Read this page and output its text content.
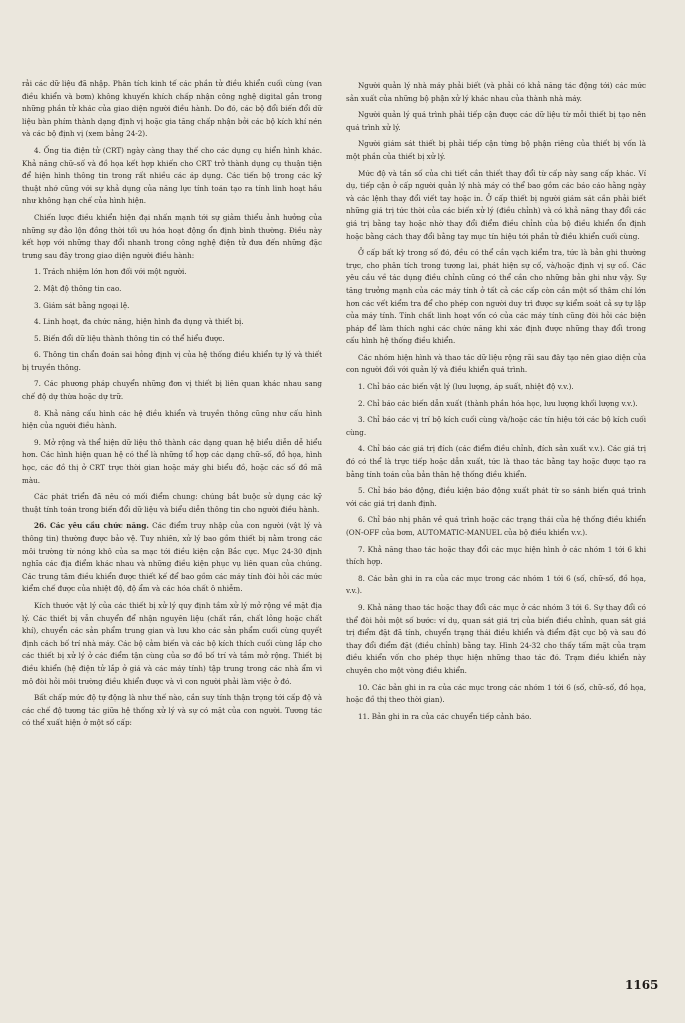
rải các dữ liệu đã nhập. Phân tích kinh tế các phần tử điều khiển cuối cùng (van điều khiển và bơm) không khuyến khích chấp nhận công nghệ digital gắn trong những phần tử khác của giao diện người điều hành. Do đó, các bộ đổi biến đổi dữ liệu bàn phím thành dạng định vị hoặc gia tăng chấp nhận bởi các bộ kích khí nén và các bộ định vị (xem bảng 24-2).

4. Ống tia điện tử (CRT) ngày càng thay thế cho các dụng cụ hiển hình khác. Khả năng chữ–số và đồ họa kết hợp khiến cho CRT trở thành dụng cụ thuận tiện để hiện hình thông tin trong rất nhiều các áp dụng. Các tiến bộ trong các kỹ thuật nhớ cũng với sự khả dụng của năng lực tính toán tạo ra tính linh hoạt hầu như không hạn chế của hình hiện.

Chiến lược điều khiển hiện đại nhấn mạnh tới sự giảm thiểu ảnh hưởng của những sự đảo lộn đồng thời tối ưu hóa hoạt động ổn định bình thường. Điều này kết hợp với những thay đổi nhanh trong công nghệ điện tử đưa đến những đặc trưng sau đây trong giao diện người điều hành:

1. Trách nhiệm lớn hơn đối với một người.

2. Mật độ thông tin cao.

3. Giám sát bằng ngoại lệ.

4. Linh hoạt, đa chức năng, hiện hình đa dụng và thiết bị.

5. Biến đổi dữ liệu thành thông tin có thể hiểu được.

6. Thông tin chẩn đoán sai hỏng định vị của hệ thống điều khiển tự lý và thiết bị truyền thông.

7. Các phương pháp chuyển những đơn vị thiết bị liên quan khác nhau sang chế độ dự thừa hoặc dự trữ.

8. Khả năng cấu hình các hệ điều khiển và truyền thông cũng như cấu hình hiện của người điều hành.

9. Mở rộng và thể hiện dữ liệu thô thành các dạng quan hệ biểu diễn dễ hiểu hơn. Các hình hiện quan hệ có thể là những tổ hợp các dạng chữ–số, đồ họa, hình học, các đồ thị ở CRT trực thời gian hoặc máy ghi biểu đồ, hoặc các số đồ mã màu.

Các phát triển đã nêu có mối điểm chung: chúng bắt buộc sử dụng các kỹ thuật tính toán trong biến đổi dữ liệu và biểu diễn thông tin cho người điều hành.

26. Các yêu cầu chức năng. Các điểm truy nhập của con người (vật lý và thông tin) thường được bảo vệ. Tuy nhiên, xử lý bao gồm thiết bị nằm trong các môi trường từ nóng khô của sa mạc tới điều kiện cận Bắc cực. Mục 24-30 định nghĩa các địa điểm khác nhau và những điều kiện phục vụ liên quan của chúng. Các trung tâm điều khiển được thiết kế để bao gồm các máy tính đòi hỏi các mức kiểm chế được của nhiệt độ, độ ẩm và các hóa chất ô nhiễm.

Kích thước vật lý của các thiết bị xử lý quy định tầm xử lý mở rộng về mặt địa lý. Các thiết bị vẫn chuyển để nhận nguyên liệu (chất rắn, chất lỏng hoặc chất khí), chuyển các sản phẩm trung gian và lưu kho các sản phẩm cuối cùng quyết định cách bố trí nhà máy. Các bộ cảm biến và các bộ kích thích cuối cùng lắp cho các thiết bị xử lý ở các điểm tận cùng của sơ đồ bố trí và tầm mở rộng. Thiết bị điều khiển (hệ điện tử lắp ở giá và các máy tính) tập trung trong các nhà ẩm vi mô đòi hỏi môi trường điều khiển được và vì con người phải làm việc ở đó.

Bất chấp mức độ tự động là như thế nào, cần suy tính thận trọng tới cấp độ và các chế độ tương tác giữa hệ thống xử lý và sự có mặt của con người. Tương tác có thể xuất hiện ở một số cấp:

Người quản lý nhà máy phải biết (và phải có khả năng tác động tới) các mức sản xuất của những bộ phận xử lý khác nhau của thành nhà máy.

Người quản lý quá trình phải tiếp cận được các dữ liệu từ mỗi thiết bị tạo nên quá trình xử lý.

Người giám sát thiết bị phải tiếp cận từng bộ phận riêng của thiết bị vốn là một phần của thiết bị xử lý.

Mức độ và tần số của chi tiết cần thiết thay đổi từ cấp này sang cấp khác. Ví dụ, tiếp cận ở cấp người quản lý nhà máy có thể bao gồm các báo cáo hằng ngày và các lệnh thay đổi viết tay hoặc in. Ở cấp thiết bị người giám sát cần phải biết những giá trị tức thời của các biến xử lý (điều chỉnh) và có khả năng thay đổi các giá trị bằng tay hoặc nhờ thay đổi điểm điều chỉnh của bộ điều khiển ổn định hoặc bằng cách thay đổi bằng tay mục tín hiệu tới phần tử điều khiển cuối cùng.

Ở cấp bất kỳ trong số đó, đều có thể cần vạch kiểm tra, tức là bản ghi thường trực, cho phân tích trong tương lai, phát hiện sự cố, và/hoặc định vị sự cố. Các yêu cầu về tác dụng điều chỉnh cũng có thể cần cho những bản ghi như vậy. Sự tăng trưởng mạnh của các máy tính ở tất cả các cấp còn cần một số thâm chí lớn hơn các vết kiểm tra để cho phép con người duy trì được sự kiểm soát cả sự tự lập của máy tính. Tính chất linh hoạt vốn có của các máy tính cũng đòi hỏi các biện pháp để làm thích nghi các chức năng khi xác định được những thay đổi trong cấu hình hệ thống điều khiển.

Các nhóm hiện hình và thao tác dữ liệu rộng rãi sau đây tạo nên giao diện của con người đối với quản lý và điều khiển quá trình.

1. Chỉ báo các biến vật lý (lưu lượng, áp suất, nhiệt độ v.v.).

2. Chỉ báo các biến dẫn xuất (thành phần hóa học, lưu lượng khối lượng v.v.).

3. Chỉ báo các vị trí bộ kích cuối cùng và/hoặc các tín hiệu tới các bộ kích cuối cùng.

4. Chỉ báo các giá trị đích (các điểm điều chỉnh, đích sản xuất v.v.). Các giá trị đó có thể là trực tiếp hoặc dẫn xuất, tức là thao tác bằng tay hoặc được tạo ra bằng tính toán của bản thân hệ thống điều khiển.

5. Chỉ báo báo động, điều kiện báo động xuất phát từ so sánh biến quá trình với các giá trị danh định.

6. Chỉ báo nhị phân về quá trình hoặc các trạng thái của hệ thống điều khiển (ON-OFF của bơm, AUTOMATIC-MANUEL của bộ điều khiển v.v.).

7. Khả năng thao tác hoặc thay đổi các mục hiện hình ở các nhóm 1 tới 6 khi thích hợp.

8. Các bản ghi in ra của các mục trong các nhóm 1 tới 6 (số, chữ-số, đồ họa, v.v.).

9. Khả năng thao tác hoặc thay đổi các mục ở các nhóm 3 tới 6. Sự thay đổi có thể đòi hỏi một số bước: ví dụ, quan sát giá trị của biến điều chỉnh, quan sát giá trị điểm đặt đã tính, chuyển trạng thái điều khiển và điểm đặt cục bộ và sau đó thay đổi điểm đặt (điều chỉnh) bằng tay. Hình 24-32 cho thấy tấm mặt của trạm điều khiển vốn cho phép thực hiện những thao tác đó. Trạm điều khiển này chuyên cho một vòng điều khiển.

10. Các bản ghi in ra của các mục trong các nhóm 1 tới 6 (số, chữ–số, đồ họa, hoặc đồ thị theo thời gian).

11. Bản ghi in ra của các chuyển tiếp cảnh báo.

1165
